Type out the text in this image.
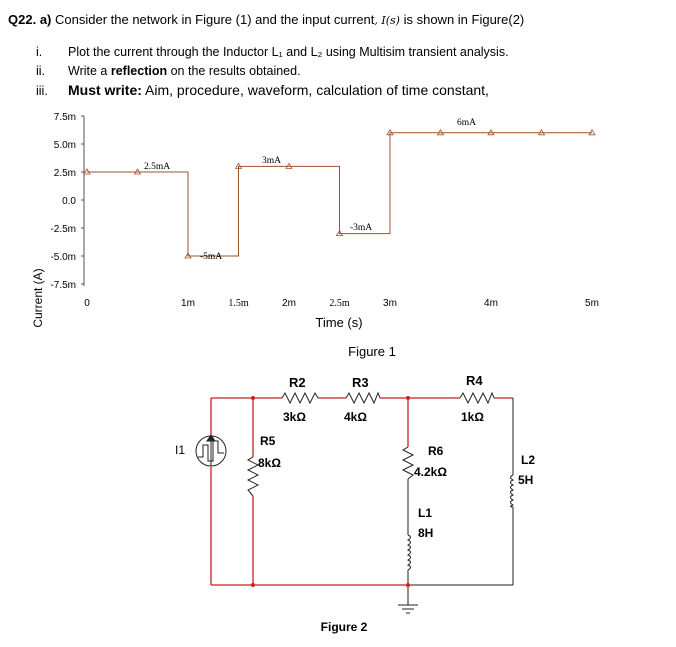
Q22. a) Consider the network in Figure (1) and the input current, I(s) is shown in Figure(2)
i. Plot the current through the Inductor L₁ and L₂ using Multisim transient analysis.
ii. Write a reflection on the results obtained.
iii. Must write: Aim, procedure, waveform, calculation of time constant,
Current (A)
7.5m
5.0m
2.5m
0.0
-2.5m
-5.0m
-7.5m
0	1m	1.5m	2m	2.5m	3m	4m	5m
2.5mA
-5mA
3mA
-3mA
6mA
Time (s)
Figure 1
I1
R2
3kΩ
R3
4kΩ
R4
1kΩ
R5
8kΩ
R6
4.2kΩ
L1
8H
L2
5H
Figure 2
